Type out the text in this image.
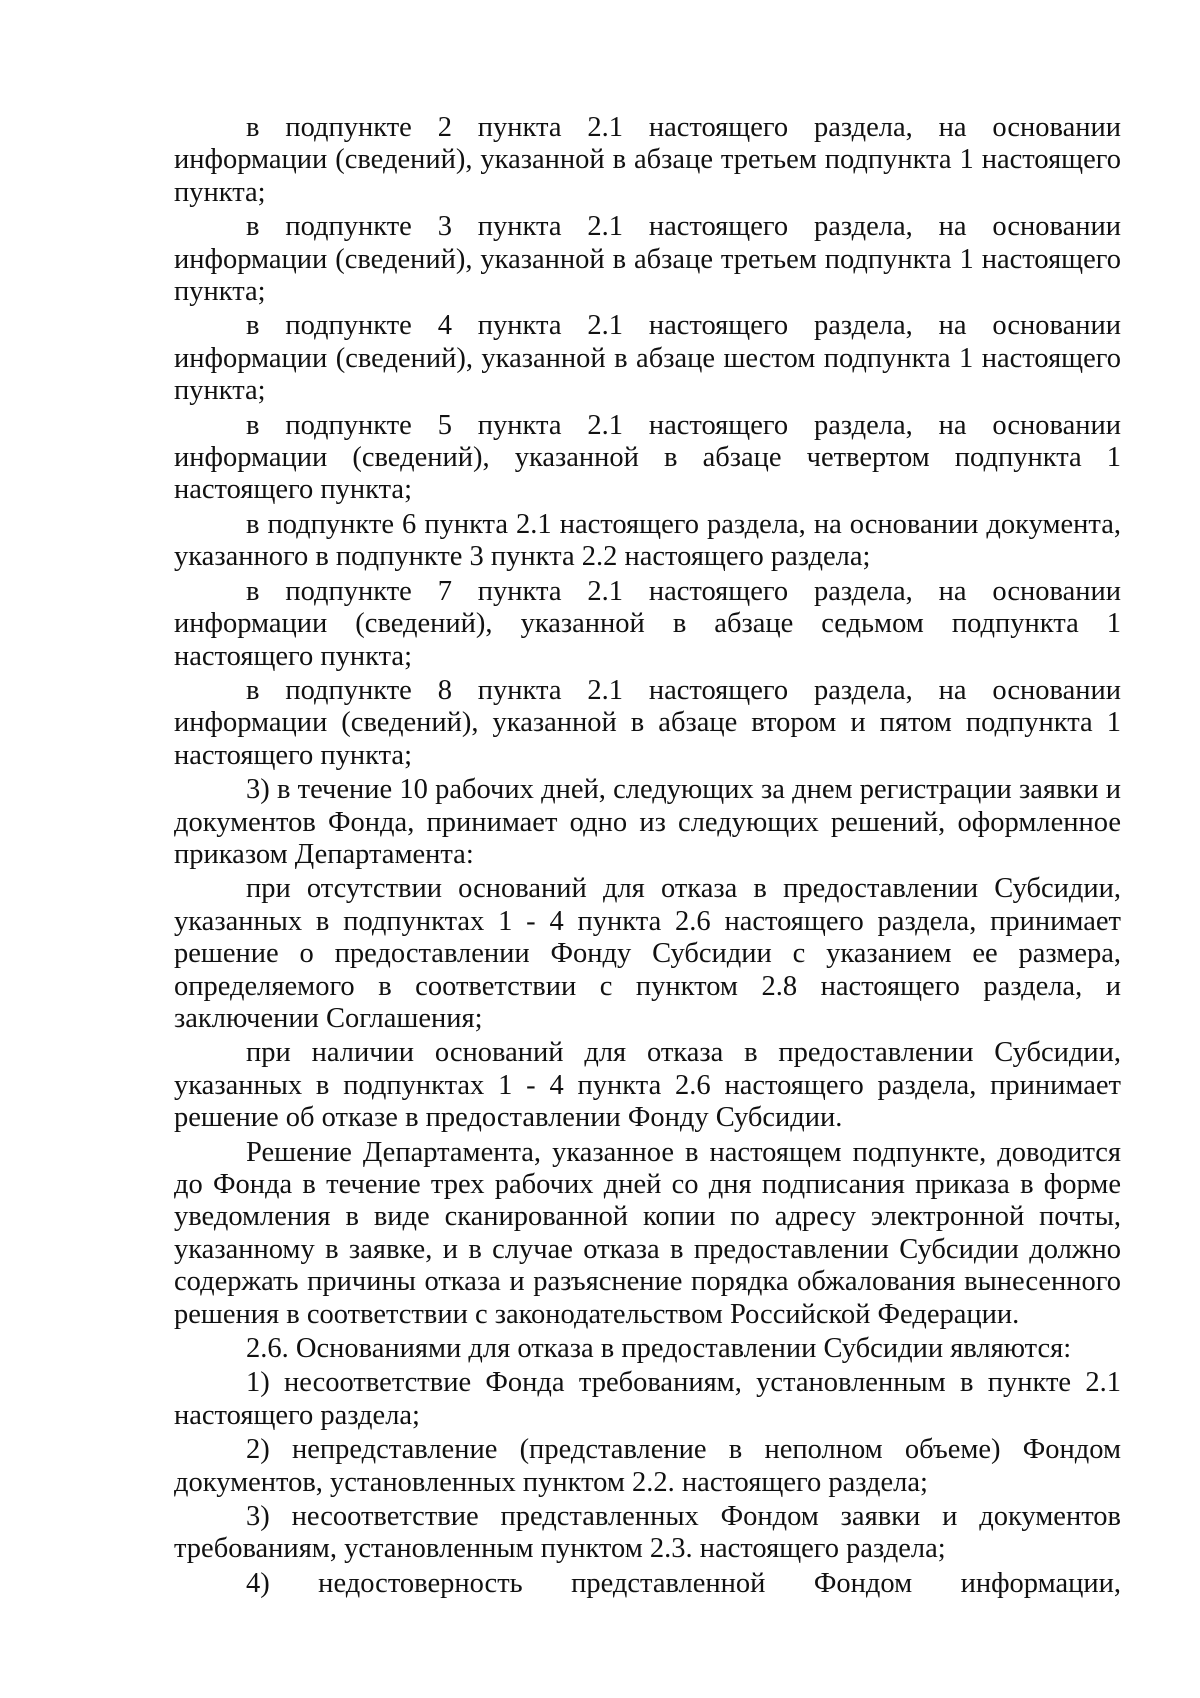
в подпункте 2 пункта 2.1 настоящего раздела, на основании информации (сведений), указанной в абзаце третьем подпункта 1 настоящего пункта;

в подпункте 3 пункта 2.1 настоящего раздела, на основании информации (сведений), указанной в абзаце третьем подпункта 1 настоящего пункта;

в подпункте 4 пункта 2.1 настоящего раздела, на основании информации (сведений), указанной в абзаце шестом подпункта 1 настоящего пункта;

в подпункте 5 пункта 2.1 настоящего раздела, на основании информации (сведений), указанной в абзаце четвертом подпункта 1 настоящего пункта;

в подпункте 6 пункта 2.1 настоящего раздела, на основании документа, указанного в подпункте 3 пункта 2.2 настоящего раздела;

в подпункте 7 пункта 2.1 настоящего раздела, на основании информации (сведений), указанной в абзаце седьмом подпункта 1 настоящего пункта;

в подпункте 8 пункта 2.1 настоящего раздела, на основании информации (сведений), указанной в абзаце втором и пятом подпункта 1 настоящего пункта;

3) в течение 10 рабочих дней, следующих за днем регистрации заявки и документов Фонда, принимает одно из следующих решений, оформленное приказом Департамента:

при отсутствии оснований для отказа в предоставлении Субсидии, указанных в подпунктах 1 - 4 пункта 2.6 настоящего раздела, принимает решение о предоставлении Фонду Субсидии с указанием ее размера, определяемого в соответствии с пунктом 2.8 настоящего раздела, и заключении Соглашения;

при наличии оснований для отказа в предоставлении Субсидии, указанных в подпунктах 1 - 4 пункта 2.6 настоящего раздела, принимает решение об отказе в предоставлении Фонду Субсидии.

Решение Департамента, указанное в настоящем подпункте, доводится до Фонда в течение трех рабочих дней со дня подписания приказа в форме уведомления в виде сканированной копии по адресу электронной почты, указанному в заявке, и в случае отказа в предоставлении Субсидии должно содержать причины отказа и разъяснение порядка обжалования вынесенного решения в соответствии с законодательством Российской Федерации.

2.6. Основаниями для отказа в предоставлении Субсидии являются:

1) несоответствие Фонда требованиям, установленным в пункте 2.1 настоящего раздела;

2) непредставление (представление в неполном объеме) Фондом документов, установленных пунктом 2.2. настоящего раздела;

3) несоответствие представленных Фондом заявки и документов требованиям, установленным пунктом 2.3. настоящего раздела;

4) недостоверность представленной Фондом информации,
